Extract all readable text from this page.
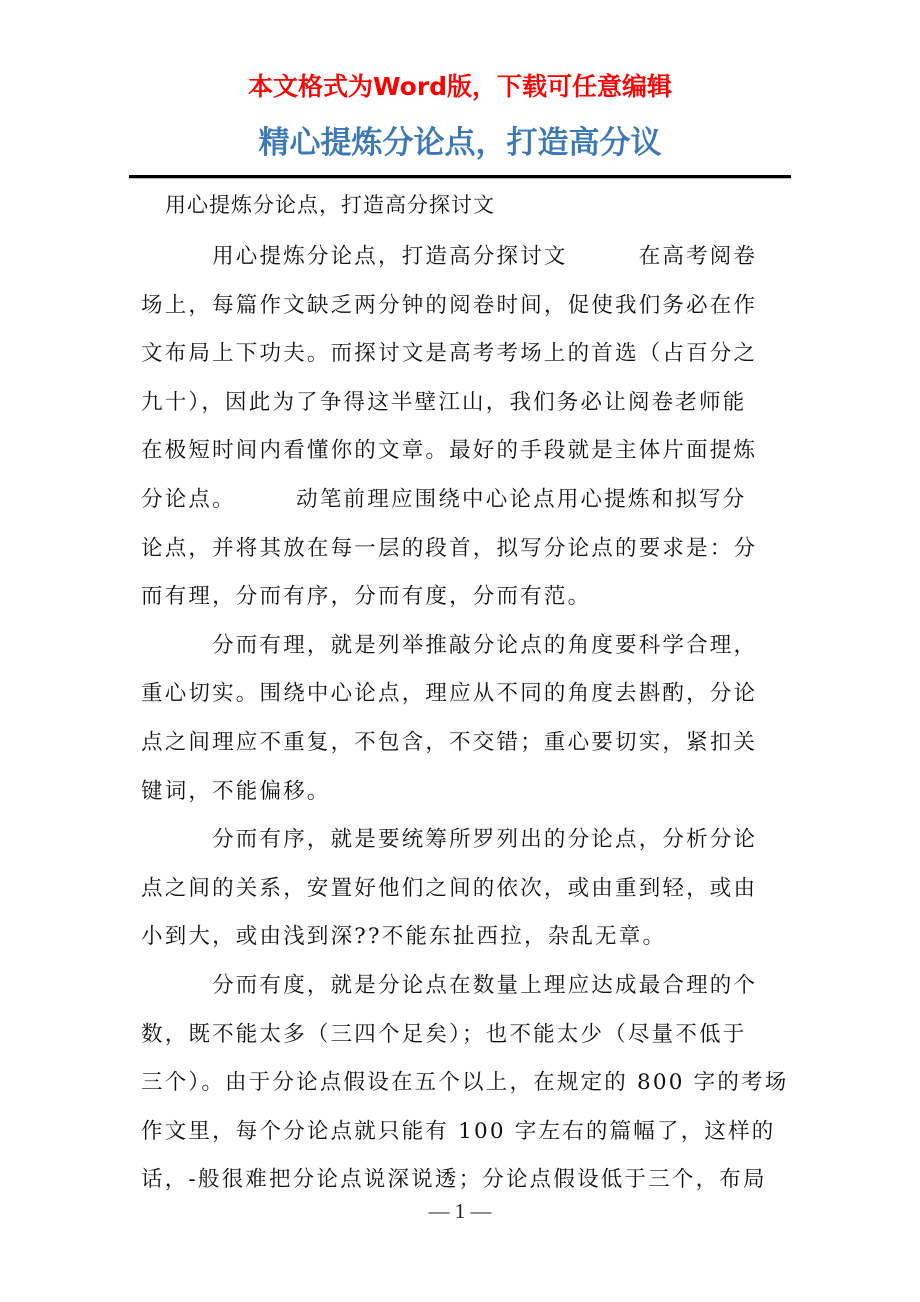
本文格式为Word版，下载可任意编辑
精心提炼分论点，打造高分议
用心提炼分论点，打造高分探讨文
　　　用心提炼分论点，打造高分探讨文　　　在高考阅卷
场上，每篇作文缺乏两分钟的阅卷时间，促使我们务必在作
文布局上下功夫。而探讨文是高考考场上的首选（占百分之
九十），因此为了争得这半壁江山，我们务必让阅卷老师能
在极短时间内看懂你的文章。最好的手段就是主体片面提炼
分论点。　　　动笔前理应围绕中心论点用心提炼和拟写分
论点，并将其放在每一层的段首，拟写分论点的要求是：分
而有理，分而有序，分而有度，分而有范。
　　　分而有理，就是列举推敲分论点的角度要科学合理，
重心切实。围绕中心论点，理应从不同的角度去斟酌，分论
点之间理应不重复，不包含，不交错；重心要切实，紧扣关
键词，不能偏移。
　　　分而有序，就是要统筹所罗列出的分论点，分析分论
点之间的关系，安置好他们之间的依次，或由重到轻，或由
小到大，或由浅到深??不能东扯西拉，杂乱无章。
　　　分而有度，就是分论点在数量上理应达成最合理的个
数，既不能太多（三四个足矣）；也不能太少（尽量不低于
三个）。由于分论点假设在五个以上，在规定的 800 字的考场
作文里，每个分论点就只能有 100 字左右的篇幅了，这样的
话，-般很难把分论点说深说透；分论点假设低于三个，布局
— 1 —
